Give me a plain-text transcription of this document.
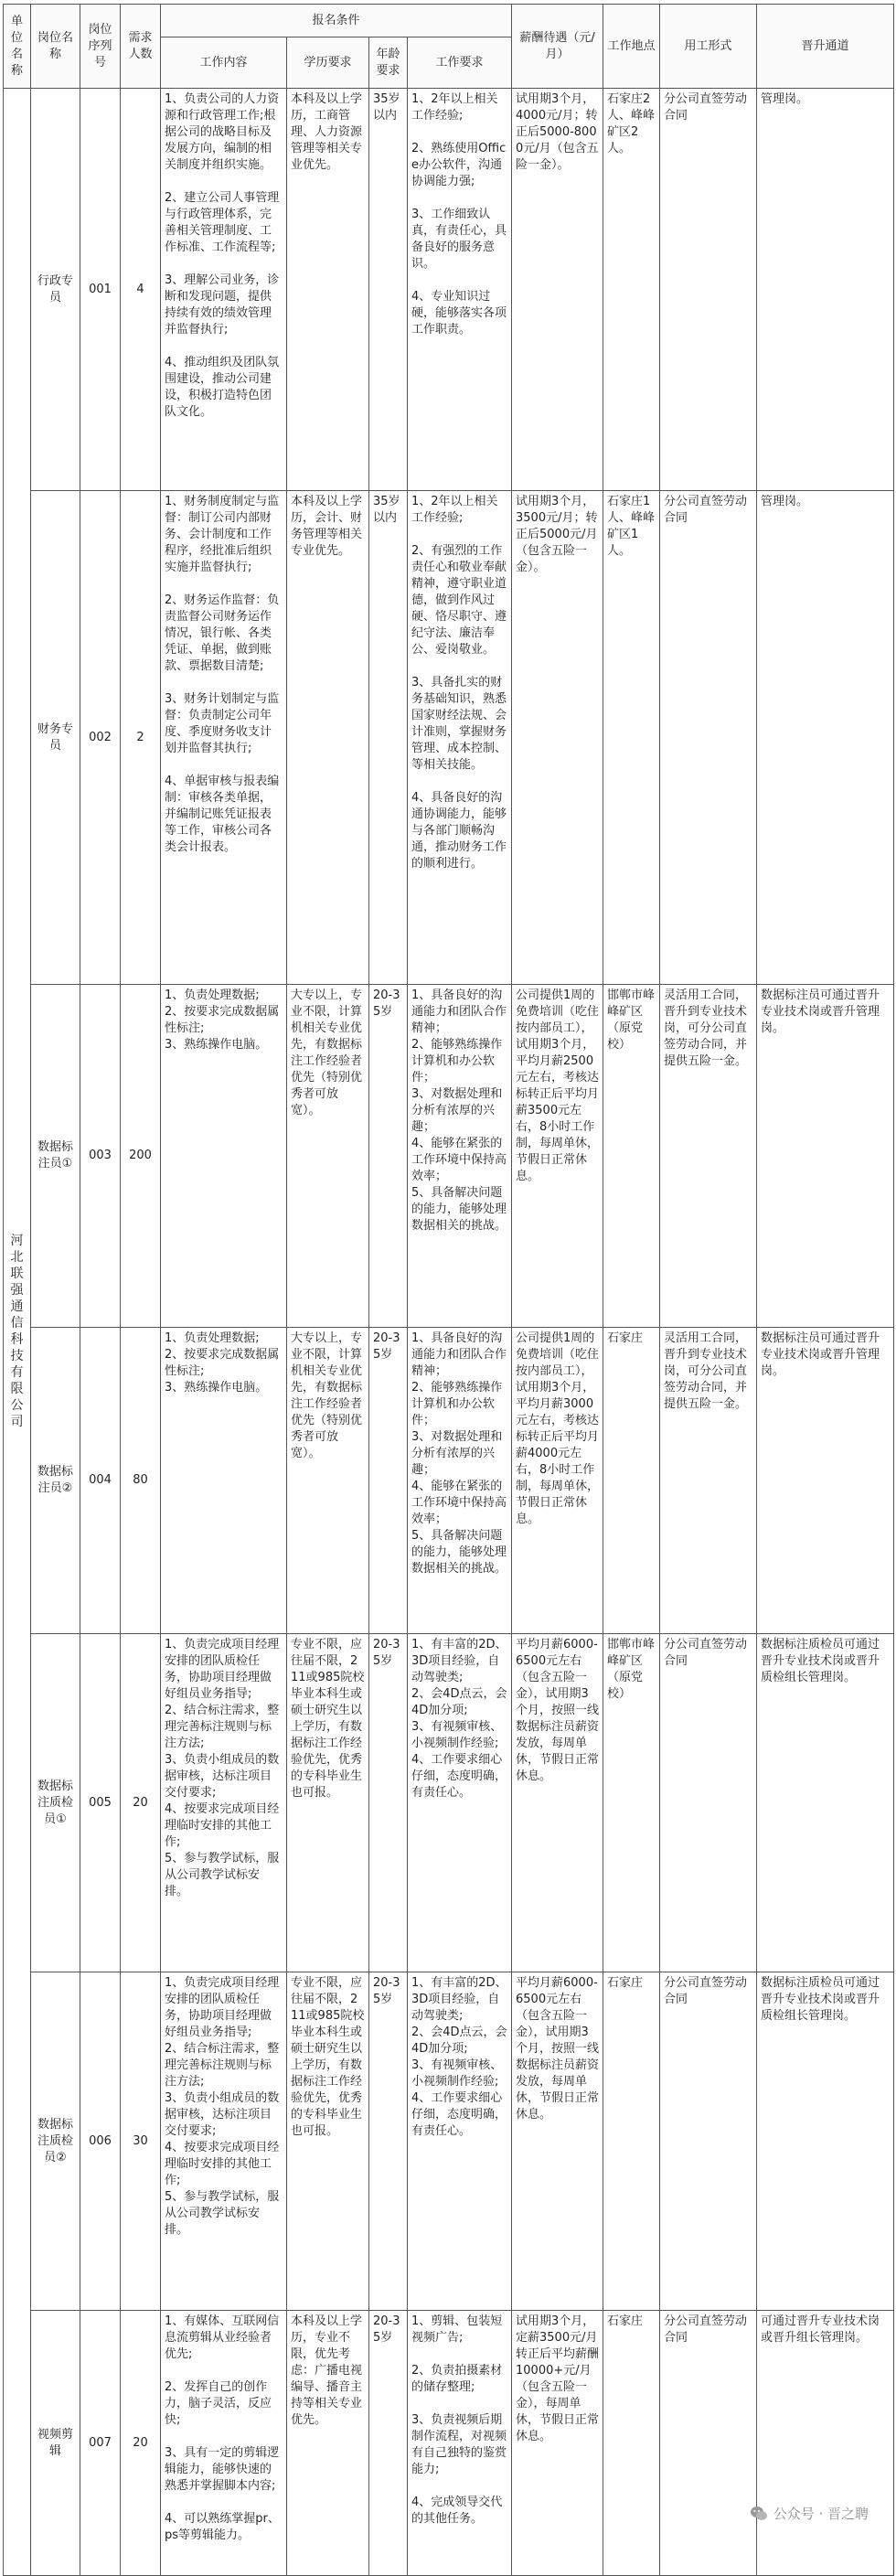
单位名称	岗位名称	岗位序列号	需求人数	报名条件				薪酬待遇（元/月）	工作地点	用工形式	晋升通道
				工作内容	学历要求	年龄要求	工作要求				
河北联强通信科技有限公司	行政专员	001	4	1、负责公司的人力资源和行政管理工作;根据公司的战略目标及发展方向，编制的相关制度并组织实施。

2、建立公司人事管理与行政管理体系，完善相关管理制度、工作标准、工作流程等;

3、理解公司业务，诊断和发现问题，提供持续有效的绩效管理并监督执行;

4、推动组织及团队氛围建设，推动公司建设，积极打造特色团队文化。	本科及以上学历，工商管理、人力资源管理等相关专业优先。	35岁以内	1、2年以上相关工作经验;

2、熟练使用Office办公软件，沟通协调能力强;

3、工作细致认真，有责任心，具备良好的服务意识。

4、专业知识过硬，能够落实各项工作职责。	试用期3个月，4000元/月；转正后5000-8000元/月（包含五险一金）。	石家庄2人、峰峰矿区2人。	分公司直签劳动合同	管理岗。
	财务专员	002	2	1、财务制度制定与监督：制订公司内部财务、会计制度和工作程序，经批准后组织实施并监督执行;

2、财务运作监督：负责监督公司财务运作情况，银行帐、各类凭证、单据，做到账款、票据数目清楚;

3、财务计划制定与监督：负责制定公司年度、季度财务收支计划并监督其执行;

4、单据审核与报表编制：审核各类单据，并编制记账凭证报表等工作，审核公司各类会计报表。	本科及以上学历，会计、财务管理等相关专业优先。	35岁以内	1、2年以上相关工作经验;

2、有强烈的工作责任心和敬业奉献精神，遵守职业道德，做到作风过硬、恪尽职守、遵纪守法、廉洁奉公、爱岗敬业。

3、具备扎实的财务基础知识，熟悉国家财经法规、会计准则，掌握财务管理、成本控制、等相关技能。

4、具备良好的沟通协调能力，能够与各部门顺畅沟通，推动财务工作的顺利进行。	试用期3个月，3500元/月；转正后5000元/月（包含五险一金）。	石家庄1人、峰峰矿区1人。	分公司直签劳动合同	管理岗。
	数据标注员①	003	200	1、负责处理数据;
2、按要求完成数据属性标注;
3、熟练操作电脑。	大专以上，专业不限，计算机相关专业优先，有数据标注工作经验者优先（特别优秀者可放宽）。	20-35岁	1、具备良好的沟通能力和团队合作精神；
2、能够熟练操作计算机和办公软件；
3、对数据处理和分析有浓厚的兴趣；
4、能够在紧张的工作环境中保持高效率；
5、具备解决问题的能力，能够处理数据相关的挑战。	公司提供1周的免费培训（吃住按内部员工），试用期3个月，平均月薪2500元左右，考核达标转正后平均月薪3500元左右，8小时工作制，每周单休，节假日正常休息。	邯郸市峰峰矿区（原党校）	灵活用工合同，晋升到专业技术岗，可分公司直签劳动合同，并提供五险一金。	数据标注员可通过晋升专业技术岗或晋升管理岗。
	数据标注员②	004	80	1、负责处理数据;
2、按要求完成数据属性标注;
3、熟练操作电脑。	大专以上，专业不限，计算机相关专业优先，有数据标注工作经验者优先（特别优秀者可放宽）。	20-35岁	1、具备良好的沟通能力和团队合作精神；
2、能够熟练操作计算机和办公软件；
3、对数据处理和分析有浓厚的兴趣；
4、能够在紧张的工作环境中保持高效率；
5、具备解决问题的能力，能够处理数据相关的挑战。	公司提供1周的免费培训（吃住按内部员工），试用期3个月，平均月薪3000元左右，考核达标转正后平均月薪4000元左右，8小时工作制，每周单休，节假日正常休息。	石家庄	灵活用工合同，晋升到专业技术岗，可分公司直签劳动合同，并提供五险一金。	数据标注员可通过晋升专业技术岗或晋升管理岗。
	数据标注质检员①	005	20	1、负责完成项目经理安排的团队质检任务，协助项目经理做好组员业务指导;
2、结合标注需求，整理完善标注规则与标注方法;
3、负责小组成员的数据审核，达标注项目交付要求;
4、按要求完成项目经理临时安排的其他工作;
5、参与教学试标，服从公司教学试标安排。	专业不限，应往届不限，211或985院校毕业本科生或硕士研究生以上学历，有数据标注工作经验优先，优秀的专科毕业生也可报。	20-35岁	1、有丰富的2D、3D项目经验，自动驾驶类;
2、会4D点云，会4D加分项;
3、有视频审核、小视频制作经验;
4、工作要求细心仔细，态度明确，有责任心。	平均月薪6000-6500元左右（包含五险一金），试用期3个月，按照一线数据标注员薪资发放，每周单休，节假日正常休息。	邯郸市峰峰矿区（原党校）	分公司直签劳动合同	数据标注质检员可通过晋升专业技术岗或晋升质检组长管理岗。
	数据标注质检员②	006	30	1、负责完成项目经理安排的团队质检任务，协助项目经理做好组员业务指导;
2、结合标注需求，整理完善标注规则与标注方法;
3、负责小组成员的数据审核，达标注项目交付要求;
4、按要求完成项目经理临时安排的其他工作;
5、参与教学试标，服从公司教学试标安排。	专业不限，应往届不限，211或985院校毕业本科生或硕士研究生以上学历，有数据标注工作经验优先，优秀的专科毕业生也可报。	20-35岁	1、有丰富的2D、3D项目经验，自动驾驶类;
2、会4D点云，会4D加分项;
3、有视频审核、小视频制作经验;
4、工作要求细心仔细，态度明确，有责任心。	平均月薪6000-6500元左右（包含五险一金），试用期3个月，按照一线数据标注员薪资发放，每周单休，节假日正常休息。	石家庄	分公司直签劳动合同	数据标注质检员可通过晋升专业技术岗或晋升质检组长管理岗。
	视频剪辑	007	20	1、有媒体、互联网信息流剪辑从业经验者优先;

2、发挥自己的创作力，脑子灵活，反应快;

3、具有一定的剪辑逻辑能力，能够快速的熟悉并掌握脚本内容;

4、可以熟练掌握pr、ps等剪辑能力。	本科及以上学历，专业不限，优先考虑：广播电视编导、播音主持等相关专业优先。	20-35岁	1、剪辑、包装短视频广告;

2、负责拍摄素材的储存整理;

3、负责视频后期制作流程，对视频有自己独特的鉴赏能力;

4、完成领导交代的其他任务。	试用期3个月，定薪3500元/月转正后平均薪酬10000+元/月（包含五险一金），每周单休，节假日正常休息。	石家庄	分公司直签劳动合同	可通过晋升专业技术岗或晋升组长管理岗。
公众号 · 晋之聘
